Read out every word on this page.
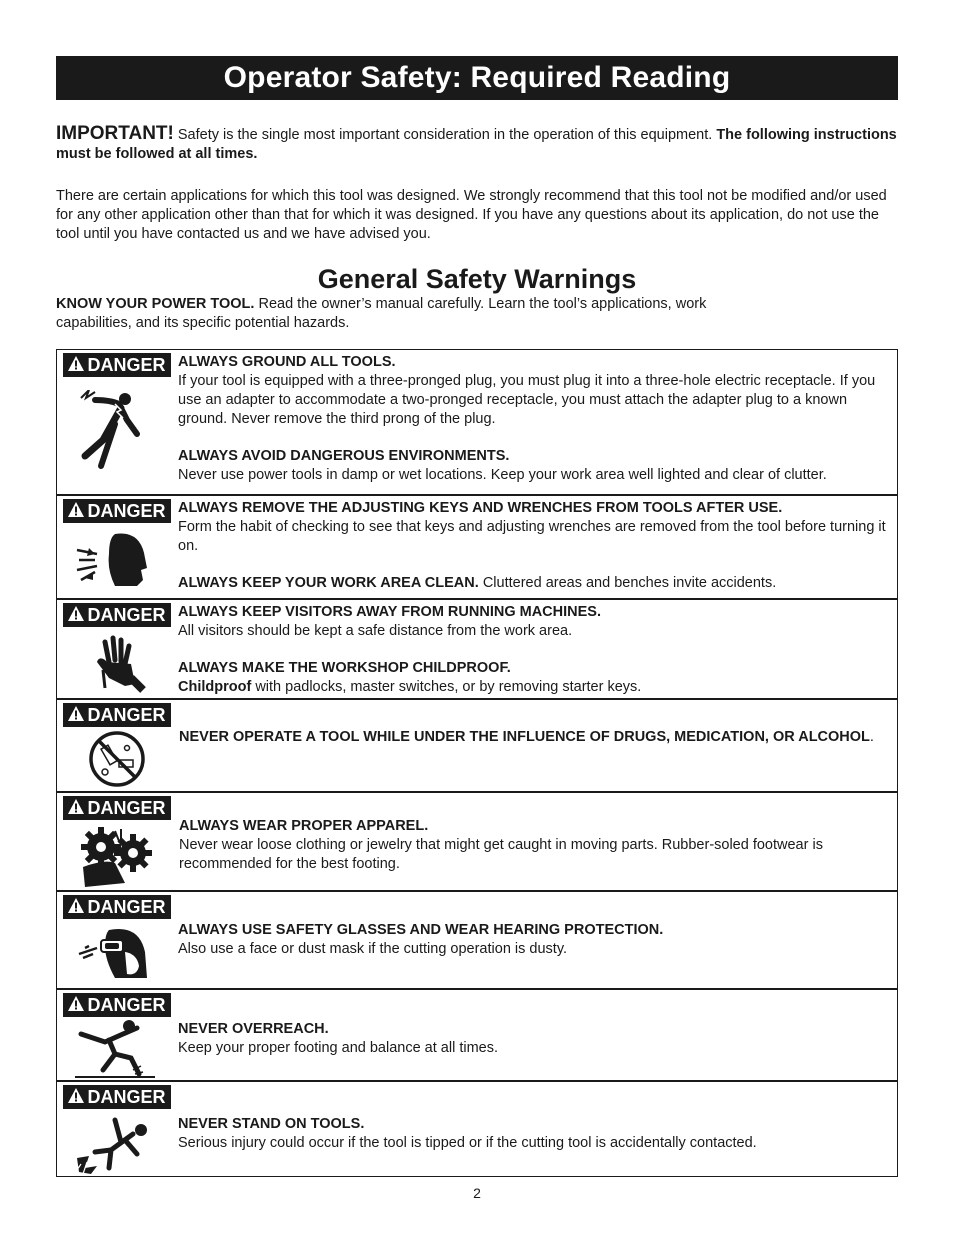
Operator Safety: Required Reading
IMPORTANT! Safety is the single most important consideration in the operation of this equipment. The following instructions must be followed at all times.
There are certain applications for which this tool was designed. We strongly recommend that this tool not be modified and/or used for any other application other than that for which it was designed. If you have any questions about its application, do not use the tool until you have contacted us and we have advised you.
General Safety Warnings
KNOW YOUR POWER TOOL. Read the owner’s manual carefully. Learn the tool’s applications, work capabilities, and its specific potential hazards.
DANGER ALWAYS GROUND ALL TOOLS.
If your tool is equipped with a three-pronged plug, you must plug it into a three-hole electric receptacle. If you use an adapter to accommodate a two-pronged receptacle, you must attach the adapter plug to a known ground. Never remove the third prong of the plug.
ALWAYS AVOID DANGEROUS ENVIRONMENTS.
Never use power tools in damp or wet locations. Keep your work area well lighted and clear of clutter.
DANGER ALWAYS REMOVE THE ADJUSTING KEYS AND WRENCHES FROM TOOLS AFTER USE.
Form the habit of checking to see that keys and adjusting wrenches are removed from the tool before turning it on.
ALWAYS KEEP YOUR WORK AREA CLEAN. Cluttered areas and benches invite accidents.
DANGER ALWAYS KEEP VISITORS AWAY FROM RUNNING MACHINES.
All visitors should be kept a safe distance from the work area.
ALWAYS MAKE THE WORKSHOP CHILDPROOF.
Childproof with padlocks, master switches, or by removing starter keys.
DANGER
NEVER OPERATE A TOOL WHILE UNDER THE INFLUENCE OF DRUGS, MEDICATION, OR ALCOHOL.
DANGER
ALWAYS WEAR PROPER APPAREL.
Never wear loose clothing or jewelry that might get caught in moving parts. Rubber-soled footwear is recommended for the best footing.
DANGER
ALWAYS USE SAFETY GLASSES AND WEAR HEARING PROTECTION.
Also use a face or dust mask if the cutting operation is dusty.
DANGER
NEVER OVERREACH.
Keep your proper footing and balance at all times.
DANGER
NEVER STAND ON TOOLS.
Serious injury could occur if the tool is tipped or if the cutting tool is accidentally contacted.
2
